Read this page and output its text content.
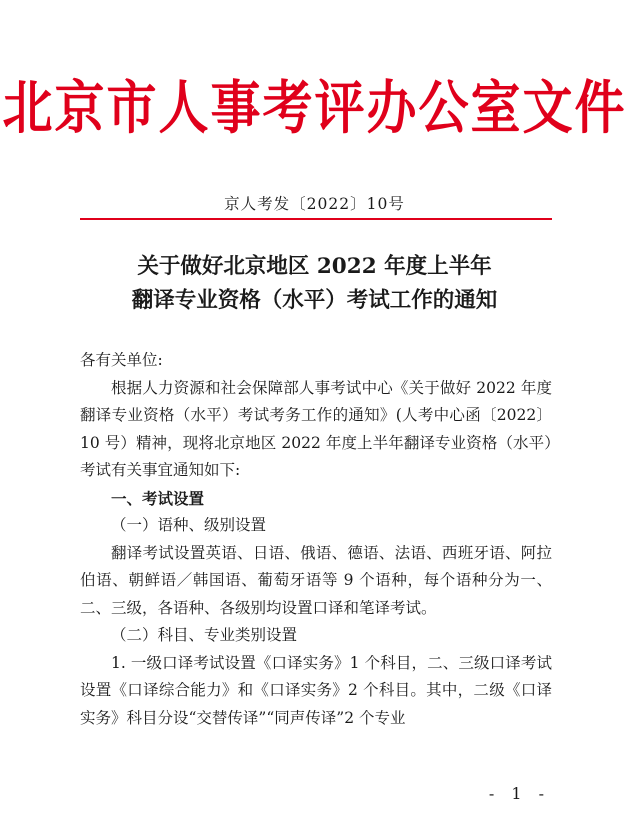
北京市人事考评办公室文件
京人考发〔2022〕10号
关于做好北京地区 2022 年度上半年
翻译专业资格（水平）考试工作的通知

各有关单位:

根据人力资源和社会保障部人事考试中心《关于做好 2022 年度翻译专业资格（水平）考试考务工作的通知》(人考中心函〔2022〕10 号）精神，现将北京地区 2022 年度上半年翻译专业资格（水平）考试有关事宜通知如下:

一、考试设置

（一）语种、级别设置

翻译考试设置英语、日语、俄语、德语、法语、西班牙语、阿拉伯语、朝鲜语／韩国语、葡萄牙语等 9 个语种，每个语种分为一、二、三级，各语种、各级别均设置口译和笔译考试。

（二）科目、专业类别设置

1. 一级口译考试设置《口译实务》1 个科目，二、三级口译考试设置《口译综合能力》和《口译实务》2 个科目。其中，二级《口译实务》科目分设“交替传译”“同声传译”2 个专业

- 1 -
